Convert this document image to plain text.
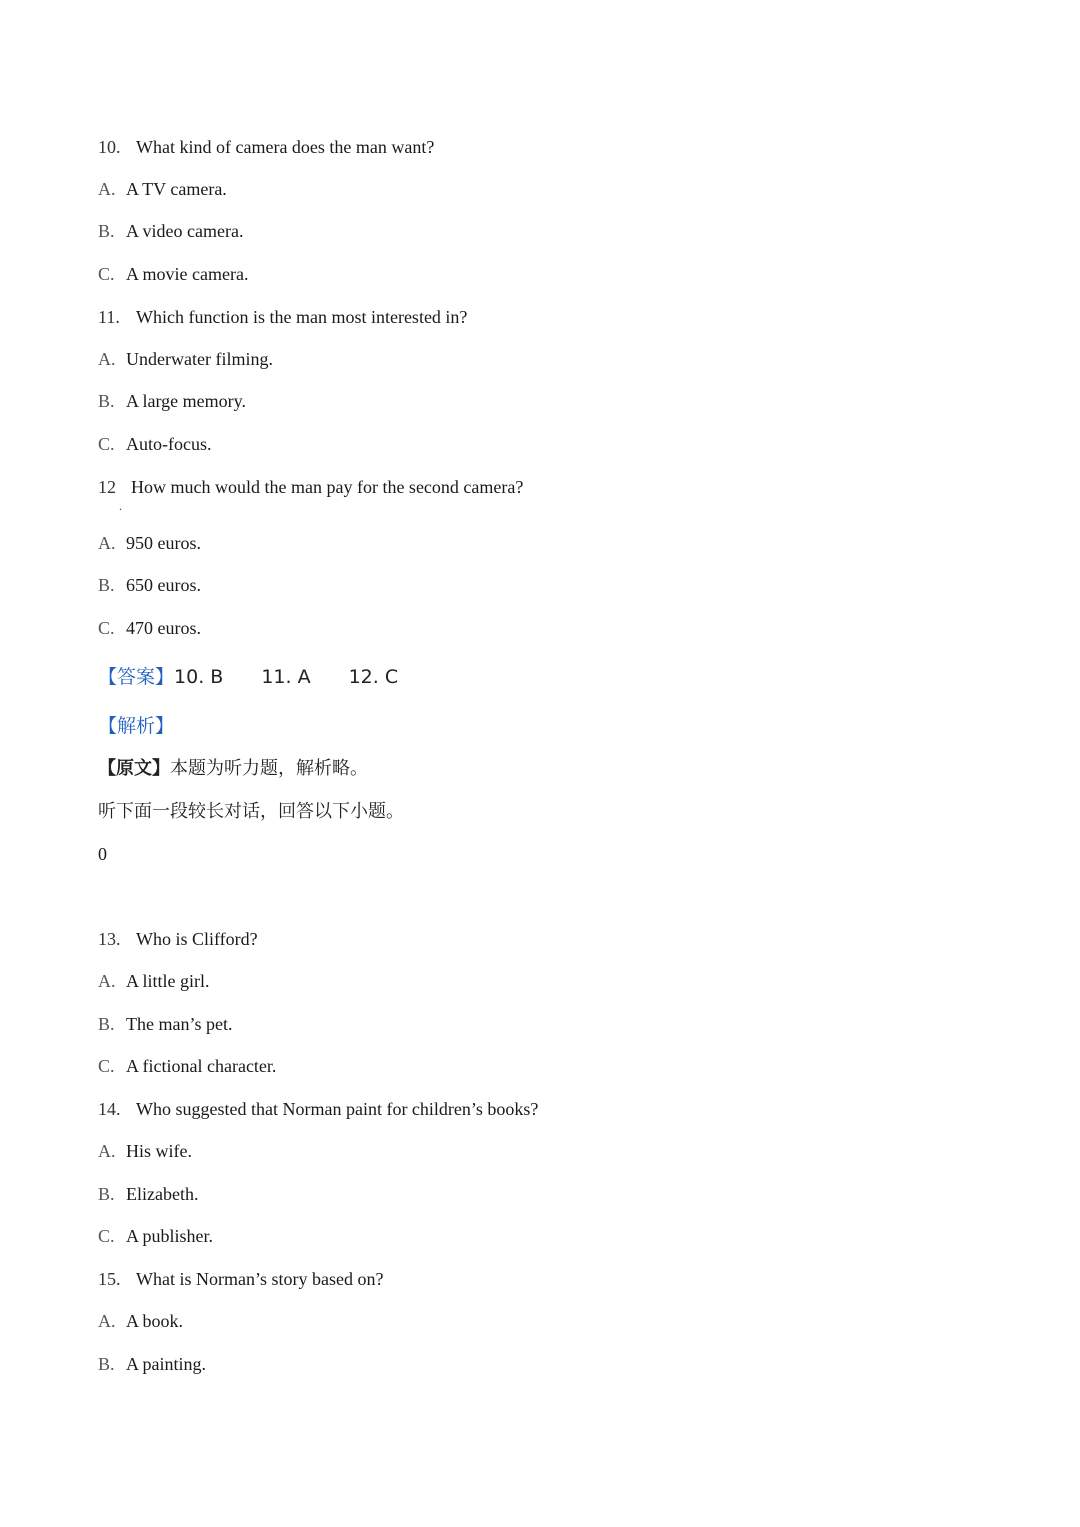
10. What kind of camera does the man want?
A. A TV camera.
B. A video camera.
C. A movie camera.
11. Which function is the man most interested in?
A. Underwater filming.
B. A large memory.
C. Auto-focus.
12 How much would the man pay for the second camera?
.
A. 950 euros.
B. 650 euros.
C. 470 euros.
【答案】10. B 11. A 12. C
【解析】
【原文】本题为听力题，解析略。
听下面一段较长对话，回答以下小题。
0
13. Who is Clifford?
A. A little girl.
B. The man’s pet.
C. A fictional character.
14. Who suggested that Norman paint for children’s books?
A. His wife.
B. Elizabeth.
C. A publisher.
15. What is Norman’s story based on?
A. A book.
B. A painting.
